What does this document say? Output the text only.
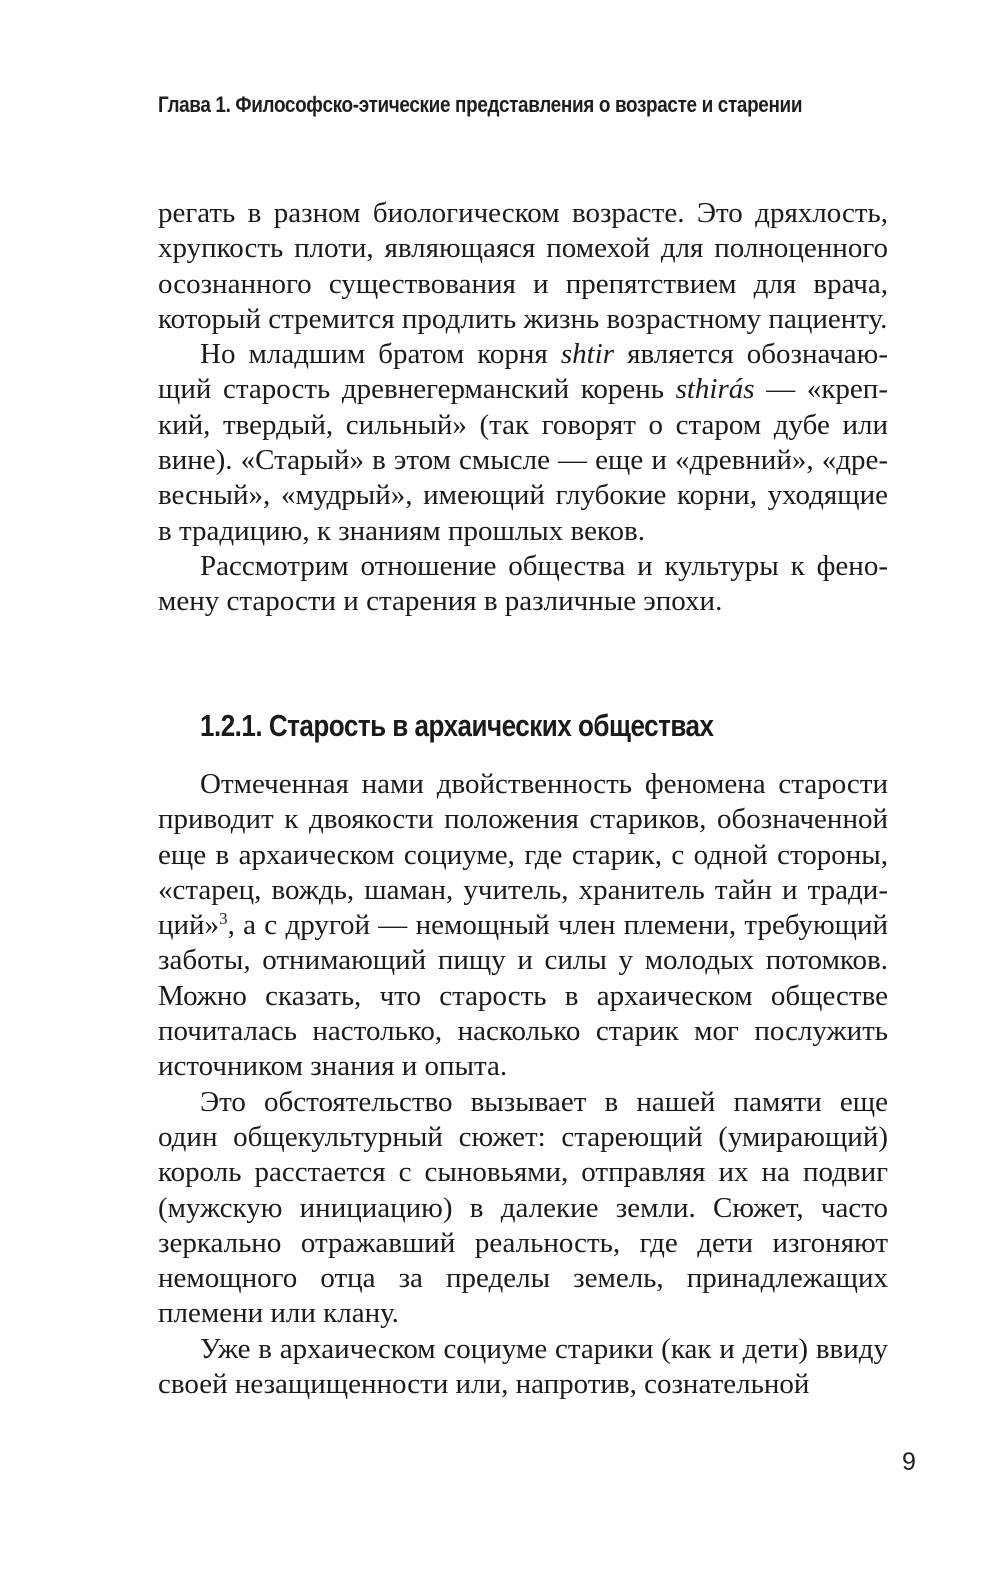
Глава 1. Философско-этические представления о возрасте и старении

регать в разном биологическом возрасте. Это дряхлость, хрупкость плоти, являющаяся помехой для полноценного осознанного существования и препятствием для врача, который стремится продлить жизнь возрастному пациенту.

Но младшим братом корня shtir является обозначающий старость древнегерманский корень sthirás — «крепкий, твердый, сильный» (так говорят о старом дубе или вине). «Старый» в этом смысле — еще и «древний», «древесный», «мудрый», имеющий глубокие корни, уходящие в традицию, к знаниям прошлых веков.

Рассмотрим отношение общества и культуры к феномену старости и старения в различные эпохи.

1.2.1. Старость в архаических обществах

Отмеченная нами двойственность феномена старости приводит к двоякости положения стариков, обозначенной еще в архаическом социуме, где старик, с одной стороны, «старец, вождь, шаман, учитель, хранитель тайн и традиций»$^3$, а с другой — немощный член племени, требующий заботы, отнимающий пищу и силы у молодых потомков. Можно сказать, что старость в архаическом обществе почиталась настолько, насколько старик мог послужить источником знания и опыта.

Это обстоятельство вызывает в нашей памяти еще один общекультурный сюжет: стареющий (умирающий) король расстается с сыновьями, отправляя их на подвиг (мужскую инициацию) в далекие земли. Сюжет, часто зеркально отражавший реальность, где дети изгоняют немощного отца за пределы земель, принадлежащих племени или клану.

Уже в архаическом социуме старики (как и дети) ввиду своей незащищенности или, напротив, сознательной

9
